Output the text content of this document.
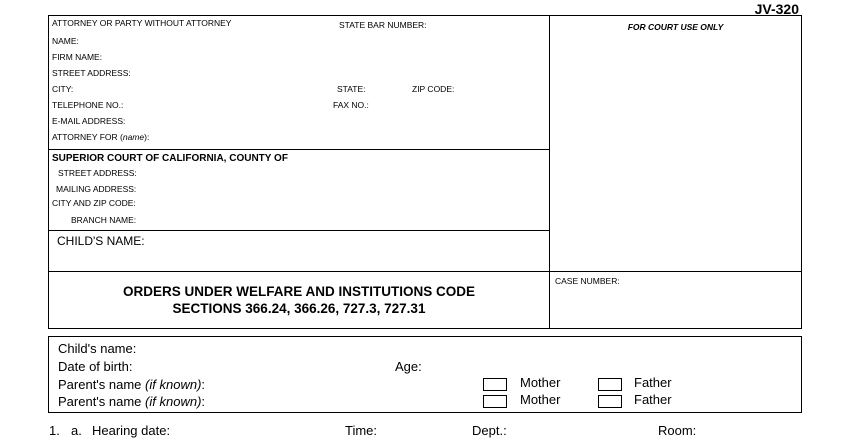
JV-320
ATTORNEY OR PARTY WITHOUT ATTORNEY	STATE BAR NUMBER:
NAME:
FIRM NAME:
STREET ADDRESS:
CITY:	STATE:	ZIP CODE:
TELEPHONE NO.:	FAX NO.:
E-MAIL ADDRESS:
ATTORNEY FOR (name):
FOR COURT USE ONLY
SUPERIOR COURT OF CALIFORNIA, COUNTY OF
STREET ADDRESS:
MAILING ADDRESS:
CITY AND ZIP CODE:
BRANCH NAME:
CHILD'S NAME:
ORDERS UNDER WELFARE AND INSTITUTIONS CODE
SECTIONS 366.24, 366.26, 727.3, 727.31
CASE NUMBER:
Child's name:
Date of birth:	Age:
Parent's name (if known):	Mother	Father
Parent's name (if known):	Mother	Father
1. a. Hearing date:	Time:	Dept.:	Room:
